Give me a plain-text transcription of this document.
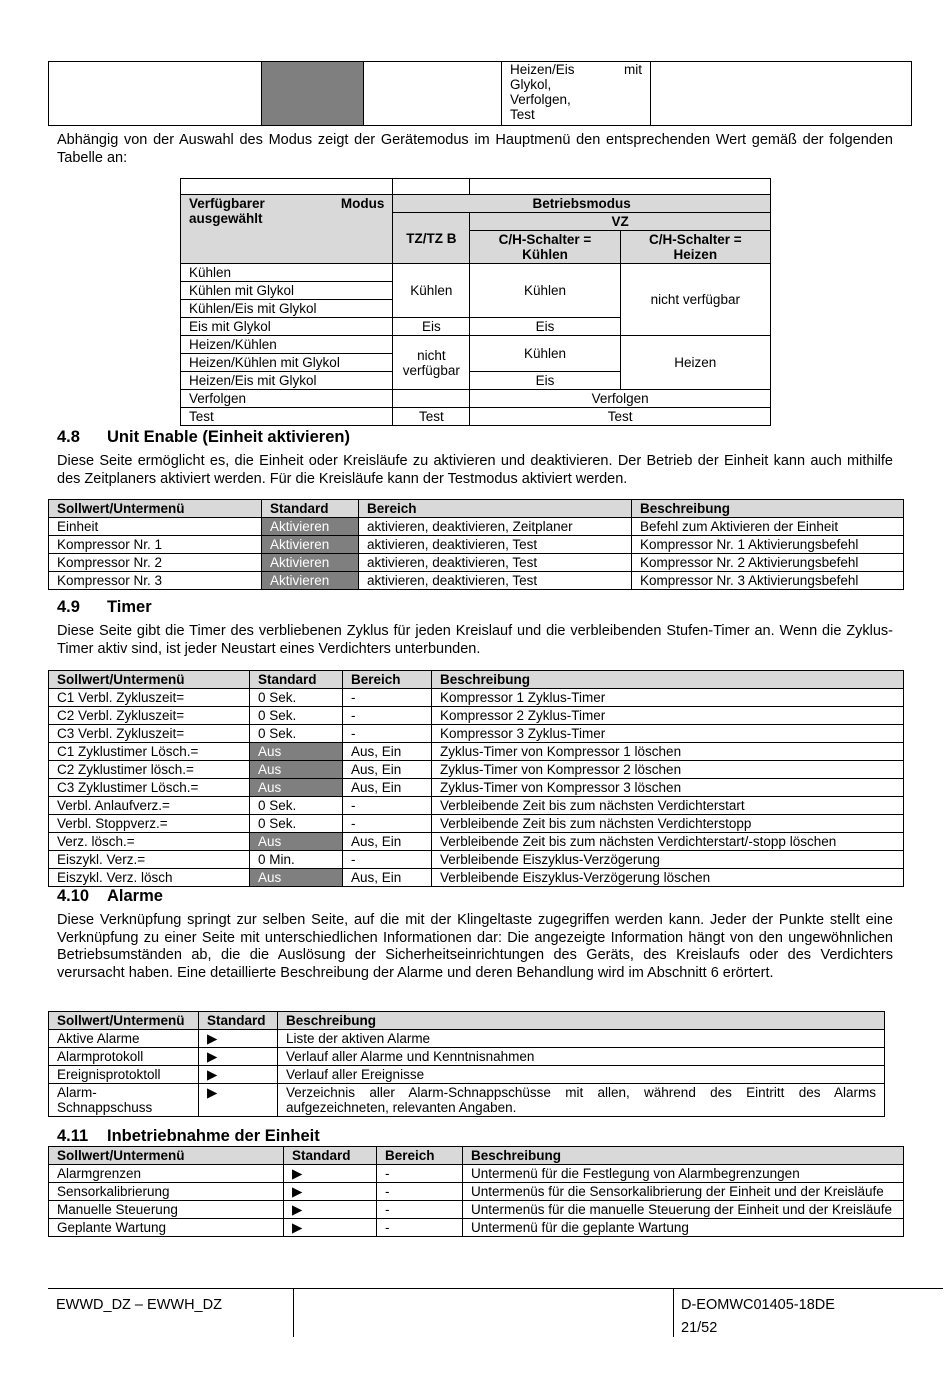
Heizen/Eis	mit
Glykol,
Verfolgen,
Test

Abhängig von der Auswahl des Modus zeigt der Gerätemodus im Hauptmenü den entsprechenden Wert gemäß der folgenden Tabelle an:

Verfügbarer Modus
ausgewählt	Betriebsmodus		
	TZ/TZ B	VZ	
		C/H-Schalter = Kühlen	C/H-Schalter = Heizen
Kühlen	Kühlen	Kühlen	nicht verfügbar
Kühlen mit Glykol			
Kühlen/Eis mit Glykol			
Eis mit Glykol	Eis	Eis	
Heizen/Kühlen	nicht verfügbar	Kühlen	Heizen
Heizen/Kühlen mit Glykol			
Heizen/Eis mit Glykol		Eis	
Verfolgen		Verfolgen	
Test	Test	Test	
4.8 Unit Enable (Einheit aktivieren)
Diese Seite ermöglicht es, die Einheit oder Kreisläufe zu aktivieren und deaktivieren. Der Betrieb der Einheit kann auch mithilfe des Zeitplaners aktiviert werden. Für die Kreisläufe kann der Testmodus aktiviert werden.
Sollwert/Untermenü	Standard	Bereich	Beschreibung
Einheit	Aktivieren	aktivieren, deaktivieren, Zeitplaner	Befehl zum Aktivieren der Einheit
Kompressor Nr. 1	Aktivieren	aktivieren, deaktivieren, Test	Kompressor Nr. 1 Aktivierungsbefehl
Kompressor Nr. 2	Aktivieren	aktivieren, deaktivieren, Test	Kompressor Nr. 2 Aktivierungsbefehl
Kompressor Nr. 3	Aktivieren	aktivieren, deaktivieren, Test	Kompressor Nr. 3 Aktivierungsbefehl
4.9 Timer
Diese Seite gibt die Timer des verbliebenen Zyklus für jeden Kreislauf und die verbleibenden Stufen-Timer an. Wenn die Zyklus-Timer aktiv sind, ist jeder Neustart eines Verdichters unterbunden.
Sollwert/Untermenü	Standard	Bereich	Beschreibung
C1 Verbl. Zykluszeit=	0 Sek.	-	Kompressor 1 Zyklus-Timer
C2 Verbl. Zykluszeit=	0 Sek.	-	Kompressor 2 Zyklus-Timer
C3 Verbl. Zykluszeit=	0 Sek.	-	Kompressor 3 Zyklus-Timer
C1 Zyklustimer Lösch.=	Aus	Aus, Ein	Zyklus-Timer von Kompressor 1 löschen
C2 Zyklustimer lösch.=	Aus	Aus, Ein	Zyklus-Timer von Kompressor 2 löschen
C3 Zyklustimer Lösch.=	Aus	Aus, Ein	Zyklus-Timer von Kompressor 3 löschen
Verbl. Anlaufverz.=	0 Sek.	-	Verbleibende Zeit bis zum nächsten Verdichterstart
Verbl. Stoppverz.=	0 Sek.	-	Verbleibende Zeit bis zum nächsten Verdichterstopp
Verz. lösch.=	Aus	Aus, Ein	Verbleibende Zeit bis zum nächsten Verdichterstart/-stopp löschen
Eiszykl. Verz.=	0 Min.	-	Verbleibende Eiszyklus-Verzögerung
Eiszykl. Verz. lösch	Aus	Aus, Ein	Verbleibende Eiszyklus-Verzögerung löschen
4.10 Alarme
Diese Verknüpfung springt zur selben Seite, auf die mit der Klingeltaste zugegriffen werden kann. Jeder der Punkte stellt eine Verknüpfung zu einer Seite mit unterschiedlichen Informationen dar: Die angezeigte Information hängt von den ungewöhnlichen Betriebsumständen ab, die die Auslösung der Sicherheitseinrichtungen des Geräts, des Kreislaufs oder des Verdichters verursacht haben. Eine detaillierte Beschreibung der Alarme und deren Behandlung wird im Abschnitt 6 erörtert.
Sollwert/Untermenü	Standard	Beschreibung
Aktive Alarme	▶	Liste der aktiven Alarme
Alarmprotokoll	▶	Verlauf aller Alarme und Kenntnisnahmen
Ereignisprotoktoll	▶	Verlauf aller Ereignisse
Alarm-Schnappschuss	▶	Verzeichnis aller Alarm-Schnappschüsse mit allen, während des Eintritt des Alarms aufgezeichneten, relevanten Angaben.
4.11 Inbetriebnahme der Einheit
Sollwert/Untermenü	Standard	Bereich	Beschreibung
Alarmgrenzen	▶	-	Untermenü für die Festlegung von Alarmbegrenzungen
Sensorkalibrierung	▶	-	Untermenüs für die Sensorkalibrierung der Einheit und der Kreisläufe
Manuelle Steuerung	▶	-	Untermenüs für die manuelle Steuerung der Einheit und der Kreisläufe
Geplante Wartung	▶	-	Untermenü für die geplante Wartung
EWWD_DZ – EWWH_DZ	D-EOMWC01405-18DE
21/52
